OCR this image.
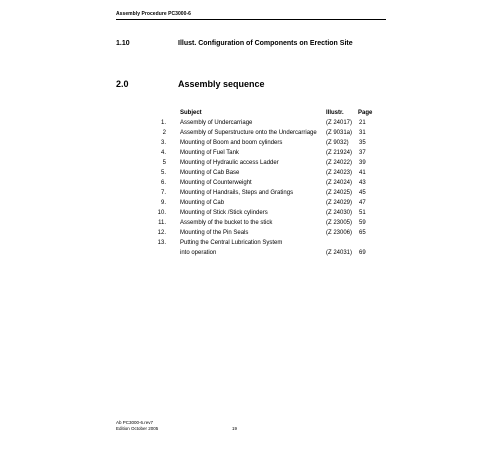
Assembly Procedure PC3000-6
1.10	Illust. Configuration of Components on Erection Site
2.0	Assembly sequence
Subject	Illustr. Page
1. Assembly of Undercarriage	(Z 24017) 21
2 Assembly of Superstructure onto the Undercarriage (Z 9031a) 31
3. Mounting of Boom and boom cylinders	(Z 9032) 35
4. Mounting of Fuel Tank	(Z 21924) 37
5 Mounting of Hydraulic access Ladder	(Z 24022) 39
5. Mounting of Cab Base	(Z 24023) 41
6. Mounting of Counterweight	(Z 24024) 43
7. Mounting of Handrails, Steps and Gratings	(Z 24025) 45
9. Mounting of Cab	(Z 24029) 47
10. Mounting of Stick /Stick cylinders	(Z 24030) 51
11. Assembly of the bucket to the stick	(Z 23005) 59
12. Mounting of the Pin Seals	(Z 23006) 65
13. Putting the Central Lubrication System
into operation	(Z 24031) 69
Ab PC3000-6.rev7
Edition October 2005	19
